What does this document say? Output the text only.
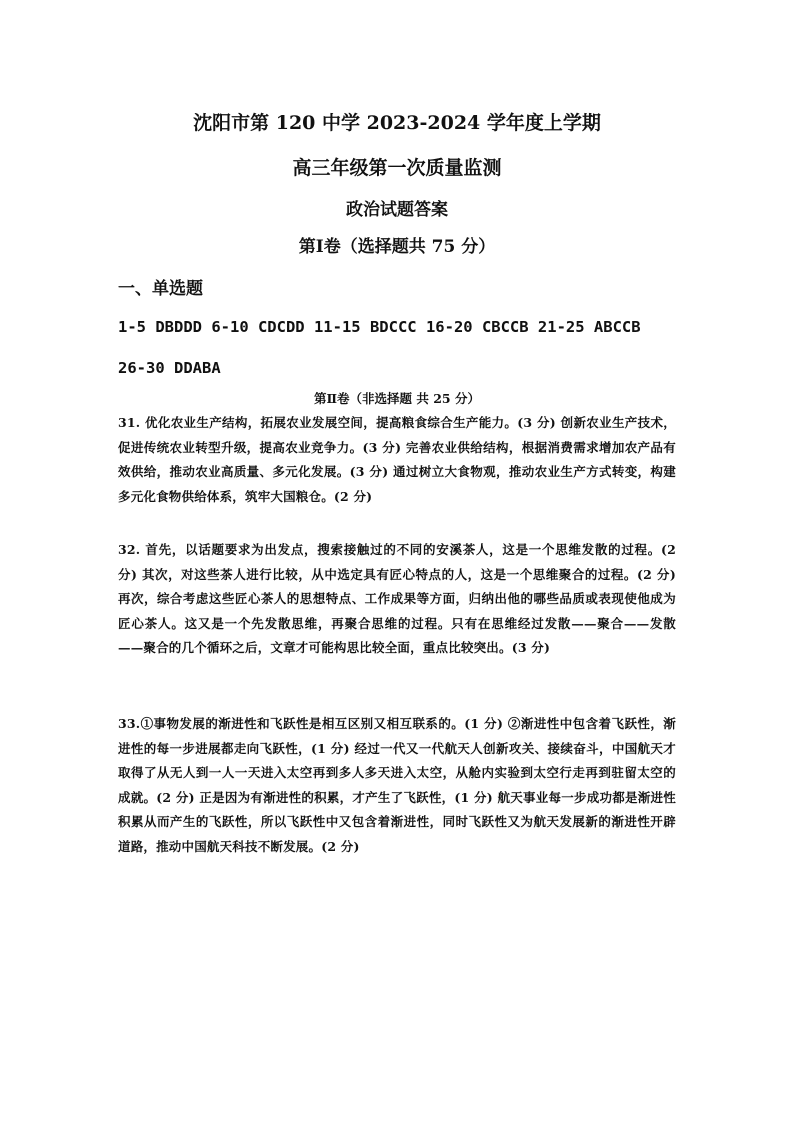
沈阳市第 120 中学 2023-2024 学年度上学期
高三年级第一次质量监测
政治试题答案
第Ⅰ卷（选择题共 75 分）
一、单选题
1-5 DBDDD 6-10 CDCDD 11-15 BDCCC 16-20 CBCCB 21-25 ABCCB
26-30 DDABA
第Ⅱ卷（非选择题 共 25 分）
31. 优化农业生产结构，拓展农业发展空间，提高粮食综合生产能力。(3 分) 创新农业生产技术，促进传统农业转型升级，提高农业竞争力。(3 分) 完善农业供给结构，根据消费需求增加农产品有效供给，推动农业高质量、多元化发展。(3 分) 通过树立大食物观，推动农业生产方式转变，构建多元化食物供给体系，筑牢大国粮仓。(2 分)
32. 首先，以话题要求为出发点，搜索接触过的不同的安溪茶人，这是一个思维发散的过程。(2 分) 其次，对这些茶人进行比较，从中选定具有匠心特点的人，这是一个思维聚合的过程。(2 分) 再次，综合考虑这些匠心茶人的思想特点、工作成果等方面，归纳出他的哪些品质或表现使他成为匠心茶人。这又是一个先发散思维，再聚合思维的过程。只有在思维经过发散——聚合——发散——聚合的几个循环之后，文章才可能构思比较全面，重点比较突出。(3 分)
33.①事物发展的渐进性和飞跃性是相互区别又相互联系的。(1 分) ②渐进性中包含着飞跃性，渐进性的每一步进展都走向飞跃性，(1 分) 经过一代又一代航天人创新攻关、接续奋斗，中国航天才取得了从无人到一人一天进入太空再到多人多天进入太空，从舱内实验到太空行走再到驻留太空的成就。(2 分) 正是因为有渐进性的积累，才产生了飞跃性，(1 分) 航天事业每一步成功都是渐进性积累从而产生的飞跃性，所以飞跃性中又包含着渐进性，同时飞跃性又为航天发展新的渐进性开辟道路，推动中国航天科技不断发展。(2 分)
